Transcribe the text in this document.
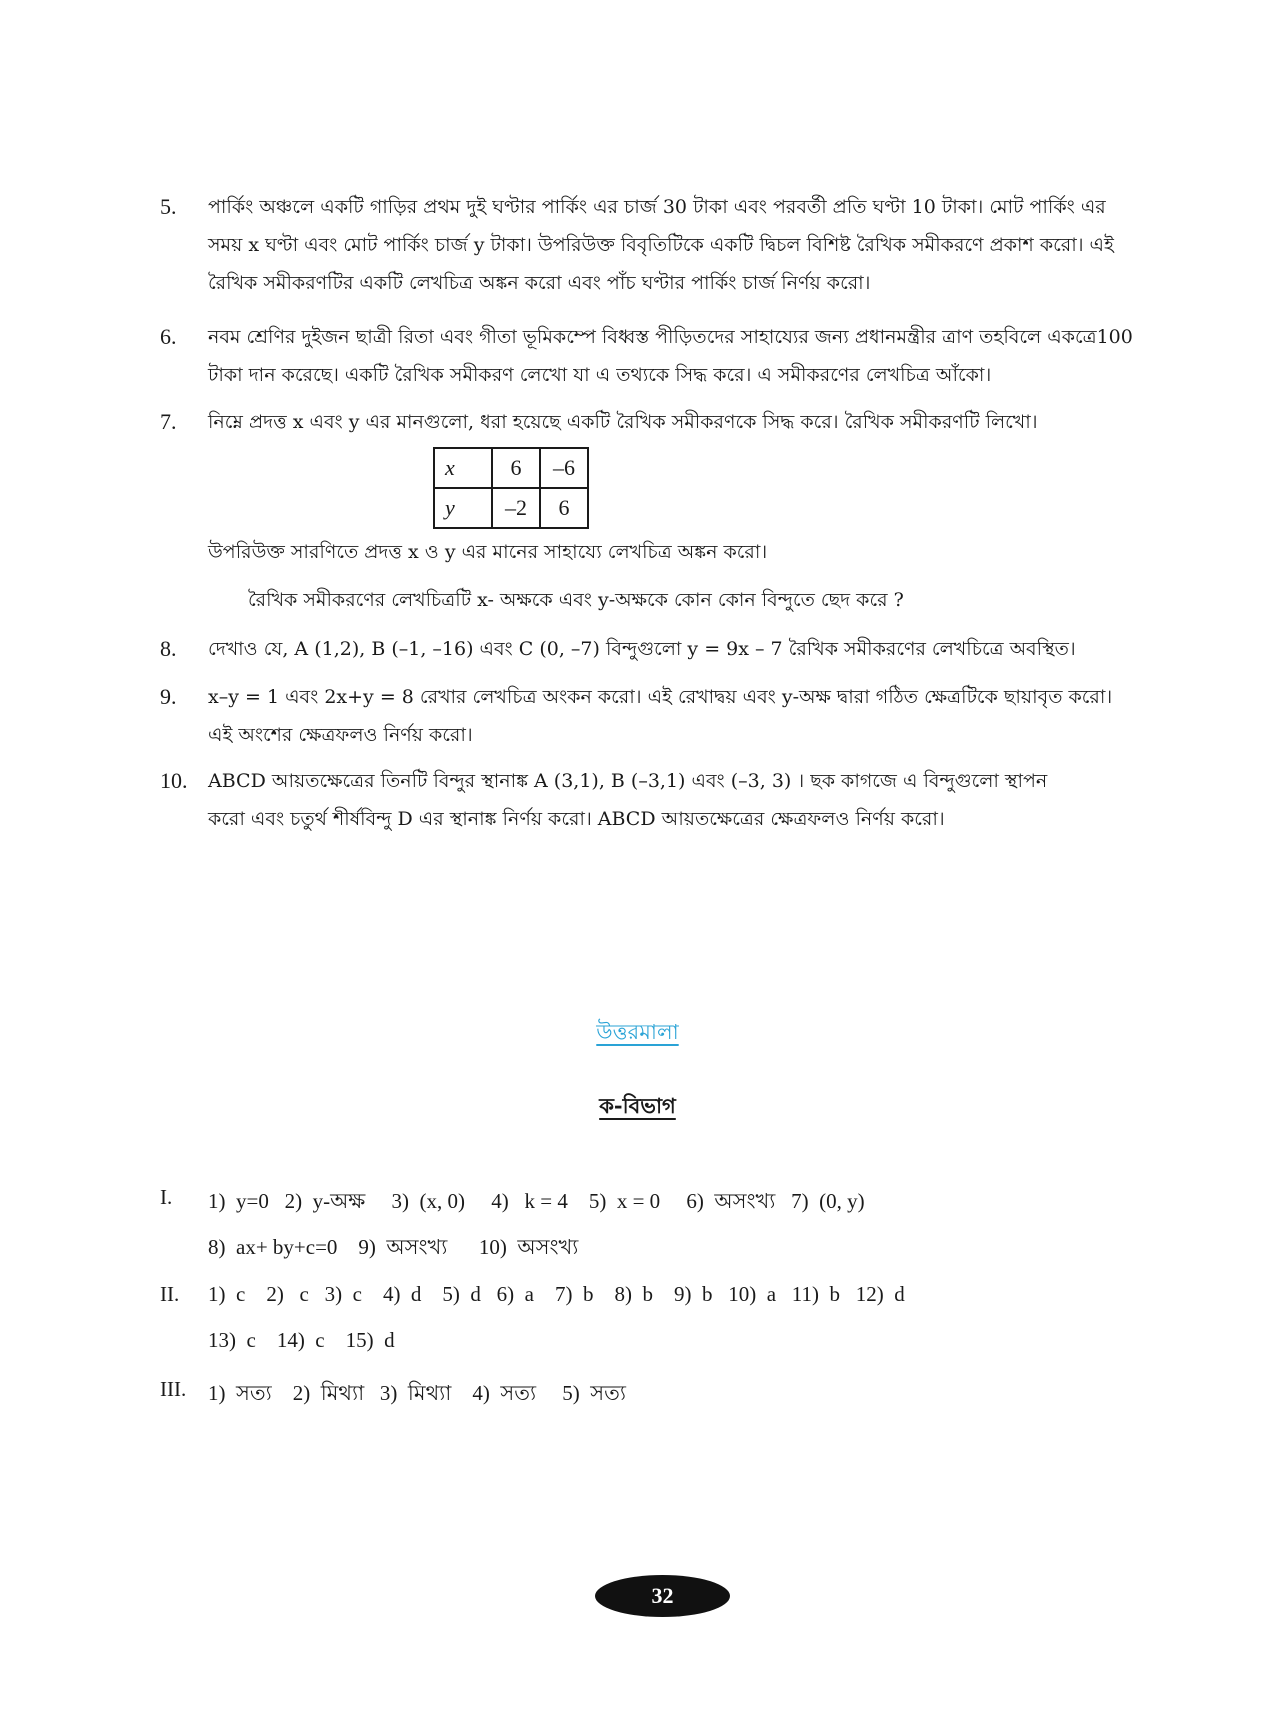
5. পার্কিং অঞ্চলে একটি গাড়ির প্রথম দুই ঘণ্টার পার্কিং এর চার্জ 30 টাকা এবং পরবর্তী প্রতি ঘণ্টা 10 টাকা। মোট পার্কিং এর
সময় x ঘণ্টা এবং মোট পার্কিং চার্জ y টাকা। উপরিউক্ত বিবৃতিটিকে একটি দ্বিচল বিশিষ্ট রৈখিক সমীকরণে প্রকাশ করো। এই
রৈখিক সমীকরণটির একটি লেখচিত্র অঙ্কন করো এবং পাঁচ ঘণ্টার পার্কিং চার্জ নির্ণয় করো।
6. নবম শ্রেণির দুইজন ছাত্রী রিতা এবং গীতা ভূমিকম্পে বিধ্বস্ত পীড়িতদের সাহায্যের জন্য প্রধানমন্ত্রীর ত্রাণ তহবিলে একত্রে100
টাকা দান করেছে। একটি রৈখিক সমীকরণ লেখো যা এ তথ্যকে সিদ্ধ করে। এ সমীকরণের লেখচিত্র আঁকো।
7. নিম্নে প্রদত্ত x এবং y এর মানগুলো, ধরা হয়েছে একটি রৈখিক সমীকরণকে সিদ্ধ করে। রৈখিক সমীকরণটি লিখো।
x	6	–6
y	–2	6
উপরিউক্ত সারণিতে প্রদত্ত x ও y এর মানের সাহায্যে লেখচিত্র অঙ্কন করো।
রৈখিক সমীকরণের লেখচিত্রটি x- অক্ষকে এবং y-অক্ষকে কোন কোন বিন্দুতে ছেদ করে ?
8. দেখাও যে, A (1,2), B (–1, –16) এবং C (0, –7) বিন্দুগুলো y = 9x – 7 রৈখিক সমীকরণের লেখচিত্রে অবস্থিত।
9. x–y = 1 এবং 2x+y = 8 রেখার লেখচিত্র অংকন করো। এই রেখাদ্বয় এবং y-অক্ষ দ্বারা গঠিত ক্ষেত্রটিকে ছায়াবৃত করো।
এই অংশের ক্ষেত্রফলও নির্ণয় করো।
10. ABCD আয়তক্ষেত্রের তিনটি বিন্দুর স্থানাঙ্ক A (3,1), B (–3,1) এবং (–3, 3) । ছক কাগজে এ বিন্দুগুলো স্থাপন
করো এবং চতুর্থ শীর্ষবিন্দু D এর স্থানাঙ্ক নির্ণয় করো। ABCD আয়তক্ষেত্রের ক্ষেত্রফলও নির্ণয় করো।
উত্তরমালা
ক-বিভাগ
I. 1)  y=0   2)  y-অক্ষ     3)  (x, 0)     4)   k = 4    5)  x = 0     6)  অসংখ্য   7)  (0, y)
8)  ax+ by+c=0    9)  অসংখ্য      10)  অসংখ্য
II. 1)  c    2)   c   3)  c    4)  d    5)  d   6)  a    7)  b    8)  b    9)  b   10)  a   11)  b   12)  d
13)  c    14)  c    15)  d
III. 1)  সত্য    2)  মিথ্যা   3)  মিথ্যা    4)  সত্য     5)  সত্য
32
